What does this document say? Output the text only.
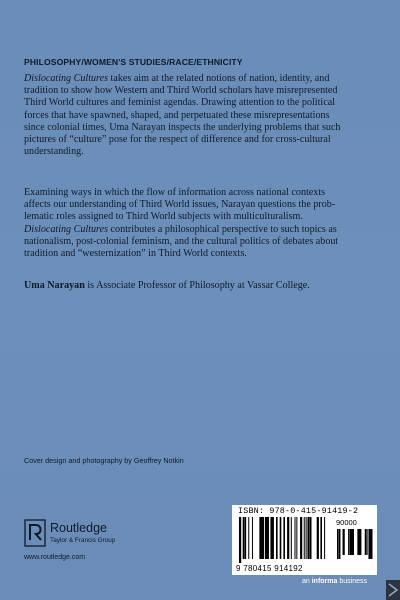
PHILOSOPHY/WOMEN'S STUDIES/RACE/ETHNICITY
Dislocating Cultures takes aim at the related notions of nation, identity, and
tradition to show how Western and Third World scholars have misrepresented
Third World cultures and feminist agendas. Drawing attention to the political
forces that have spawned, shaped, and perpetuated these misrepresentations
since colonial times, Uma Narayan inspects the underlying problems that such
pictures of “culture” pose for the respect of difference and for cross-cultural
understanding.
Examining ways in which the flow of information across national contexts
affects our understanding of Third World issues, Narayan questions the prob-
lematic roles assigned to Third World subjects with multiculturalism.
Dislocating Cultures contributes a philosophical perspective to such topics as
nationalism, post-colonial feminism, and the cultural politics of debates about
tradition and “westernization” in Third World contexts.
Uma Narayan is Associate Professor of Philosophy at Vassar College.
Cover design and photography by Geoffrey Notkin
Routledge
Taylor & Francis Group
www.routledge.com
ISBN: 978-0-415-91419-2
90000
9 780415 914192
an informa business
